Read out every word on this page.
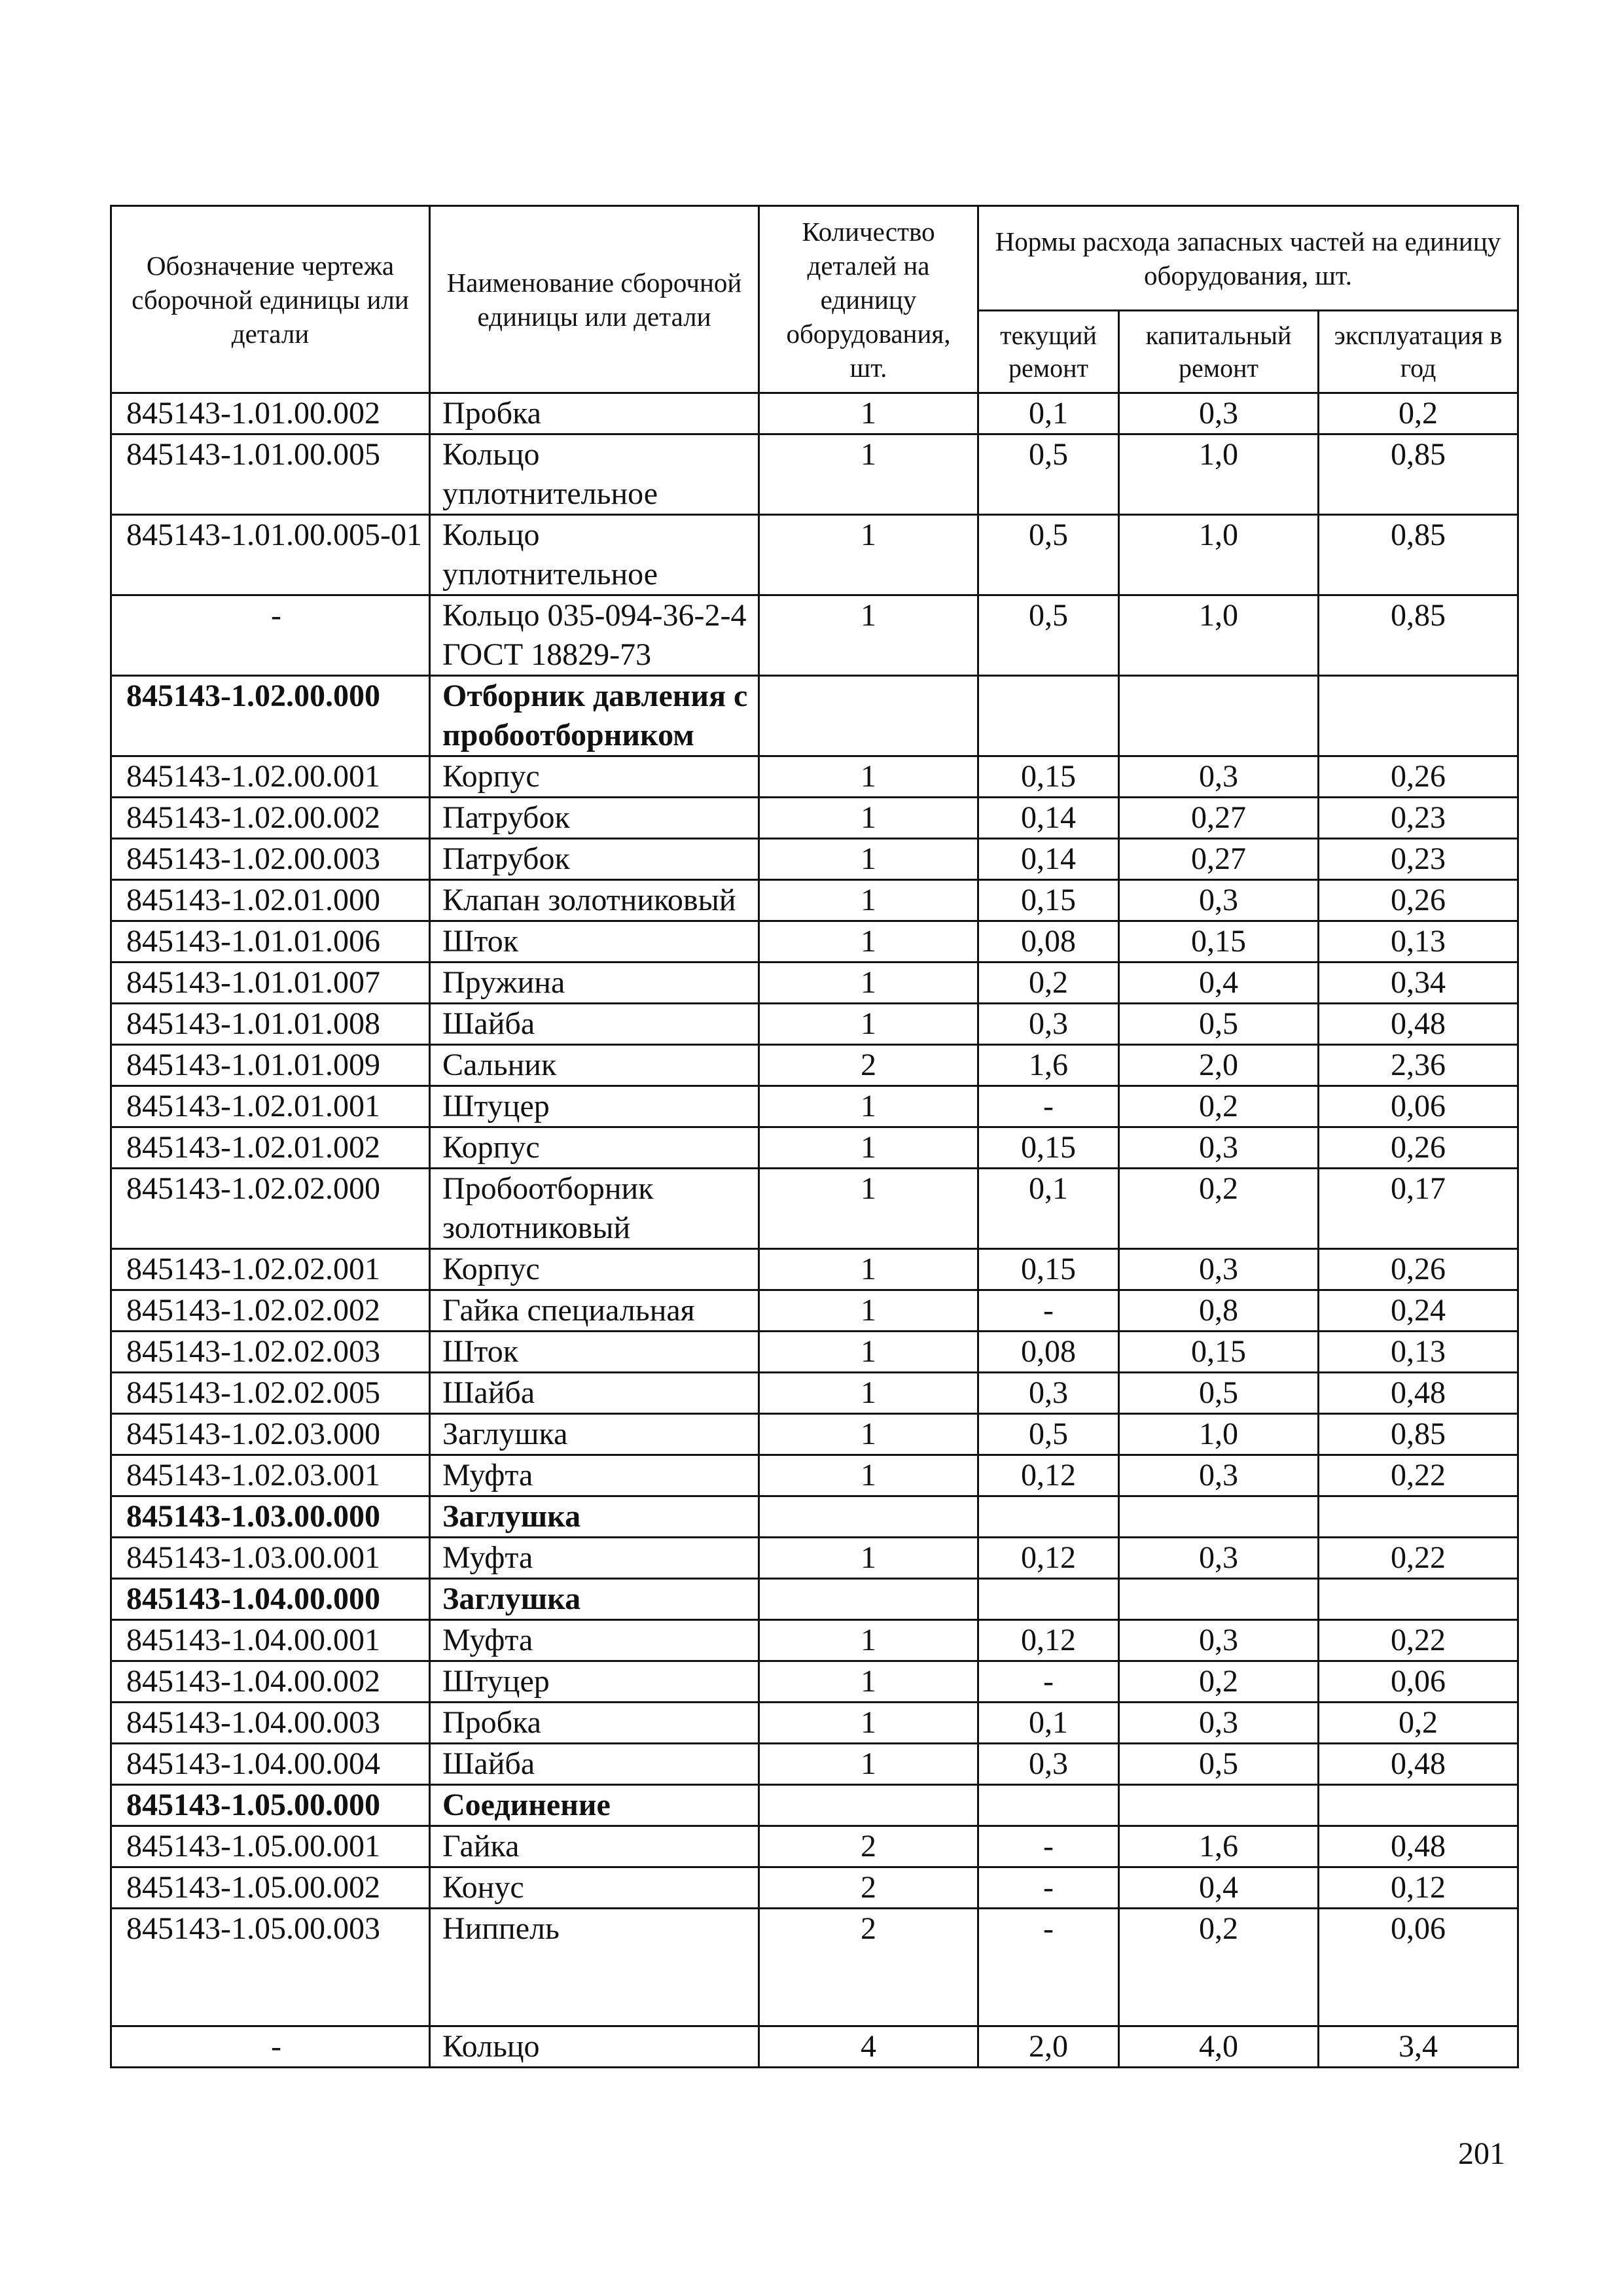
Обозначение чертежа сборочной единицы или детали	Наименование сборочной единицы или детали	Количество деталей на единицу оборудования, шт.	Нормы расхода запасных частей на единицу оборудования, шт.		
			текущий ремонт	капитальный ремонт	эксплуатация в год
845143-1.01.00.002	Пробка	1	0,1	0,3	0,2
845143-1.01.00.005	Кольцо уплотнительное	1	0,5	1,0	0,85
845143-1.01.00.005-01	Кольцо уплотнительное	1	0,5	1,0	0,85
-	Кольцо 035-094-36-2-4 ГОСТ 18829-73	1	0,5	1,0	0,85
845143-1.02.00.000	Отборник давления с пробоотборником				
845143-1.02.00.001	Корпус	1	0,15	0,3	0,26
845143-1.02.00.002	Патрубок	1	0,14	0,27	0,23
845143-1.02.00.003	Патрубок	1	0,14	0,27	0,23
845143-1.02.01.000	Клапан золотниковый	1	0,15	0,3	0,26
845143-1.01.01.006	Шток	1	0,08	0,15	0,13
845143-1.01.01.007	Пружина	1	0,2	0,4	0,34
845143-1.01.01.008	Шайба	1	0,3	0,5	0,48
845143-1.01.01.009	Сальник	2	1,6	2,0	2,36
845143-1.02.01.001	Штуцер	1	-	0,2	0,06
845143-1.02.01.002	Корпус	1	0,15	0,3	0,26
845143-1.02.02.000	Пробоотборник золотниковый	1	0,1	0,2	0,17
845143-1.02.02.001	Корпус	1	0,15	0,3	0,26
845143-1.02.02.002	Гайка специальная	1	-	0,8	0,24
845143-1.02.02.003	Шток	1	0,08	0,15	0,13
845143-1.02.02.005	Шайба	1	0,3	0,5	0,48
845143-1.02.03.000	Заглушка	1	0,5	1,0	0,85
845143-1.02.03.001	Муфта	1	0,12	0,3	0,22
845143-1.03.00.000	Заглушка				
845143-1.03.00.001	Муфта	1	0,12	0,3	0,22
845143-1.04.00.000	Заглушка				
845143-1.04.00.001	Муфта	1	0,12	0,3	0,22
845143-1.04.00.002	Штуцер	1	-	0,2	0,06
845143-1.04.00.003	Пробка	1	0,1	0,3	0,2
845143-1.04.00.004	Шайба	1	0,3	0,5	0,48
845143-1.05.00.000	Соединение				
845143-1.05.00.001	Гайка	2	-	1,6	0,48
845143-1.05.00.002	Конус	2	-	0,4	0,12
845143-1.05.00.003	Ниппель	2	-	0,2	0,06
-	Кольцо	4	2,0	4,0	3,4
201
